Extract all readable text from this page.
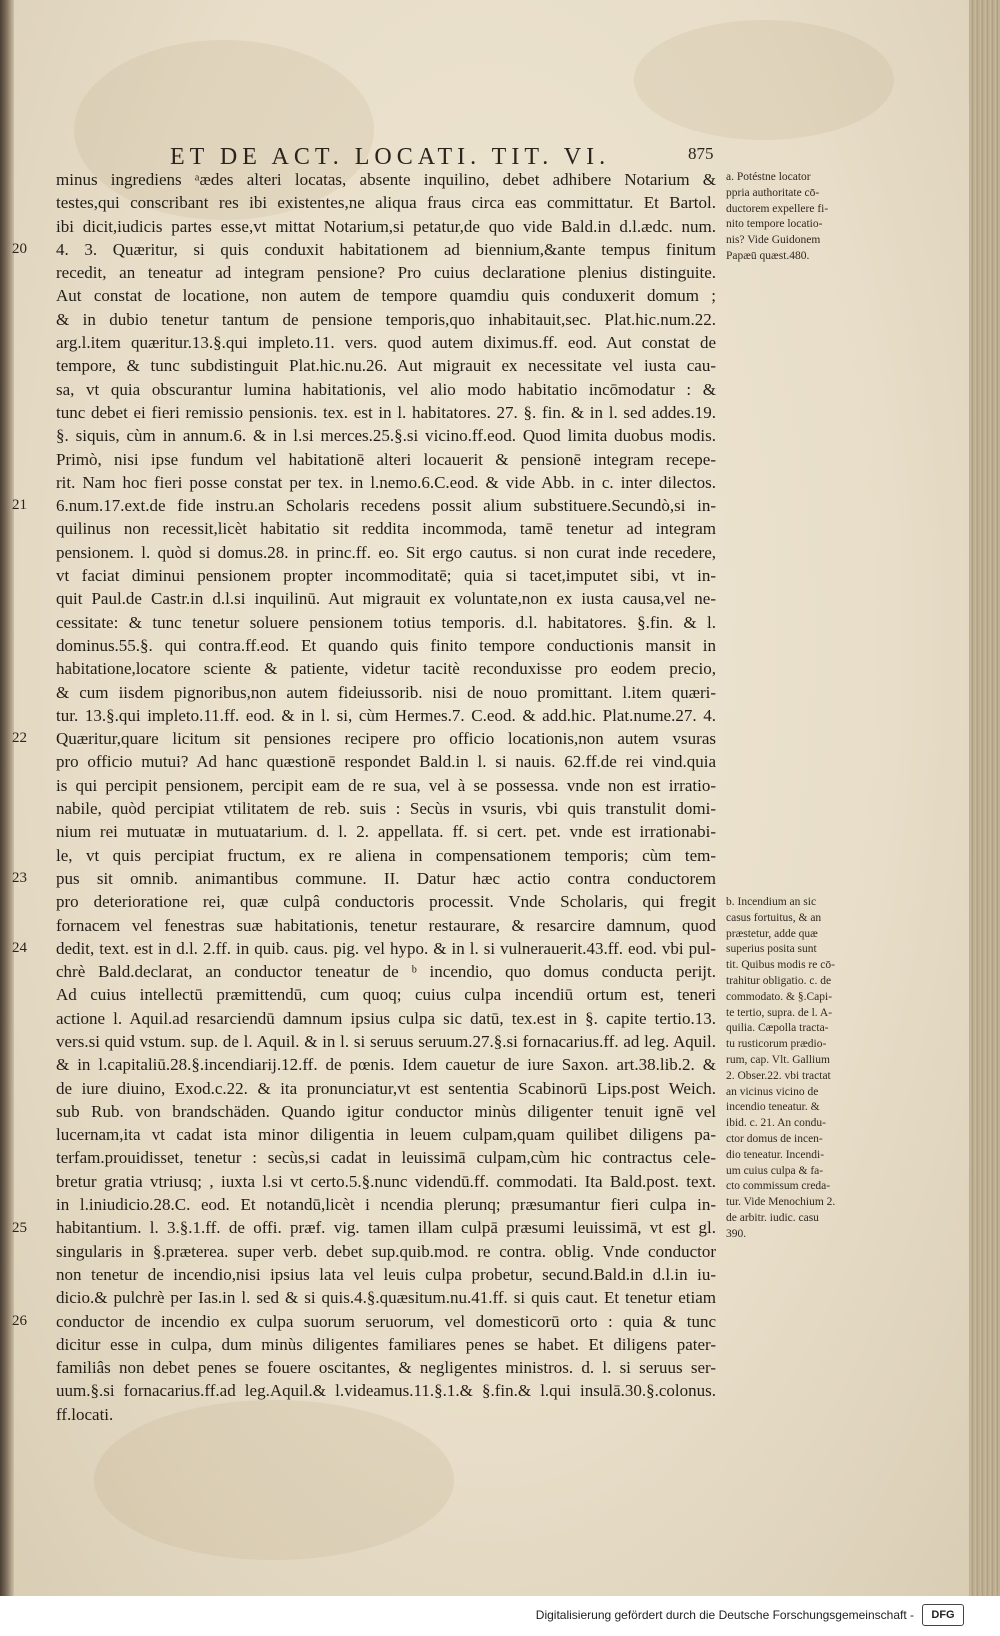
ET DE ACT. LOCATI. TIT. VI.	875
minus ingrediens ᵃædes alteri locatas, absente inquilino, debet adhibere Notarium &
testes,qui conscribant res ibi existentes,ne aliqua fraus circa eas committatur. Et Bartol.
ibi dicit,iudicis partes esse,vt mittat Notarium,si petatur,de quo vide Bald.in d.l.ædc. num.
4. 3. Quæritur, si quis conduxit habitationem ad biennium,&ante tempus finitum
recedit, an teneatur ad integram pensione? Pro cuius declaratione plenius distinguite.
Aut constat de locatione, non autem de tempore quamdiu quis conduxerit domum ;
& in dubio tenetur tantum de pensione temporis,quo inhabitauit,sec. Plat.hic.num.22.
arg.l.item quæritur.13.§.qui impleto.11. vers. quod autem diximus.ff. eod. Aut constat de
tempore, & tunc subdistinguit Plat.hic.nu.26. Aut migrauit ex necessitate vel iusta cau-
sa, vt quia obscurantur lumina habitationis, vel alio modo habitatio incōmodatur : &
tunc debet ei fieri remissio pensionis. tex. est in l. habitatores. 27. §. fin. & in l. sed addes.19.
§. siquis, cùm in annum.6. & in l.si merces.25.§.si vicino.ff.eod. Quod limita duobus modis.
Primò, nisi ipse fundum vel habitationē alteri locauerit & pensionē integram recepe-
rit. Nam hoc fieri posse constat per tex. in l.nemo.6.C.eod. & vide Abb. in c. inter dilectos.
6.num.17.ext.de fide instru.an Scholaris recedens possit alium substituere.Secundò,si in-
quilinus non recessit,licèt habitatio sit reddita incommoda, tamē tenetur ad integram
pensionem. l. quòd si domus.28. in princ.ff. eo. Sit ergo cautus. si non curat inde recedere,
vt faciat diminui pensionem propter incommoditatē; quia si tacet,imputet sibi, vt in-
quit Paul.de Castr.in d.l.si inquilinū. Aut migrauit ex voluntate,non ex iusta causa,vel ne-
cessitate: & tunc tenetur soluere pensionem totius temporis. d.l. habitatores. §.fin. & l.
dominus.55.§. qui contra.ff.eod. Et quando quis finito tempore conductionis mansit in
habitatione,locatore sciente & patiente, videtur tacitè reconduxisse pro eodem precio,
& cum iisdem pignoribus,non autem fideiussorib. nisi de nouo promittant. l.item quæri-
tur. 13.§.qui impleto.11.ff. eod. & in l. si, cùm Hermes.7. C.eod. & add.hic. Plat.nume.27. 4.
Quæritur,quare licitum sit pensiones recipere pro officio locationis,non autem vsuras
pro officio mutui? Ad hanc quæstionē respondet Bald.in l. si nauis. 62.ff.de rei vind.quia
is qui percipit pensionem, percipit eam de re sua, vel à se possessa. vnde non est irratio-
nabile, quòd percipiat vtilitatem de reb. suis : Secùs in vsuris, vbi quis transtulit domi-
nium rei mutuatæ in mutuatarium. d. l. 2. appellata. ff. si cert. pet. vnde est irrationabi-
le, vt quis percipiat fructum, ex re aliena in compensationem temporis; cùm tem-
pus sit omnib. animantibus commune. II. Datur hæc actio contra conductorem
pro deterioratione rei, quæ culpâ conductoris processit. Vnde Scholaris, qui fregit
fornacem vel fenestras suæ habitationis, tenetur restaurare, & resarcire damnum, quod
dedit, text. est in d.l. 2.ff. in quib. caus. pig. vel hypo. & in l. si vulnerauerit.43.ff. eod. vbi pul-
chrè Bald.declarat, an conductor teneatur de ᵇ incendio, quo domus conducta perijt.
Ad cuius intellectū præmittendū, cum quoq; cuius culpa incendiū ortum est, teneri
actione l. Aquil.ad resarciendū damnum ipsius culpa sic datū, tex.est in §. capite tertio.13.
vers.si quid vstum. sup. de l. Aquil. & in l. si seruus seruum.27.§.si fornacarius.ff. ad leg. Aquil.
& in l.capitaliū.28.§.incendiarij.12.ff. de pœnis. Idem cauetur de iure Saxon. art.38.lib.2. &
de iure diuino, Exod.c.22. & ita pronunciatur,vt est sententia Scabinorū Lips.post Weich.
sub Rub. von brandschäden. Quando igitur conductor minùs diligenter tenuit ignē vel
lucernam,ita vt cadat ista minor diligentia in leuem culpam,quam quilibet diligens pa-
terfam.prouidisset, tenetur : secùs,si cadat in leuissimā culpam,cùm hic contractus cele-
bretur gratia vtriusq; , iuxta l.si vt certo.5.§.nunc videndū.ff. commodati. Ita Bald.post. text.
in l.iniudicio.28.C. eod. Et notandū,licèt i ncendia plerunq; præsumantur fieri culpa in-
habitantium. l. 3.§.1.ff. de offi. præf. vig. tamen illam culpā præsumi leuissimā, vt est gl.
singularis in §.præterea. super verb. debet sup.quib.mod. re contra. oblig. Vnde conductor
non tenetur de incendio,nisi ipsius lata vel leuis culpa probetur, secund.Bald.in d.l.in iu-
dicio.& pulchrè per Ias.in l. sed & si quis.4.§.quæsitum.nu.41.ff. si quis caut. Et tenetur etiam
conductor de incendio ex culpa suorum seruorum, vel domesticorū orto : quia & tunc
dicitur esse in culpa, dum minùs diligentes familiares penes se habet. Et diligens pater-
familiâs non debet penes se fouere oscitantes, & negligentes ministros. d. l. si seruus ser-
uum.§.si fornacarius.ff.ad leg.Aquil.& l.videamus.11.§.1.& §.fin.& l.qui insulā.30.§.colonus.
ff.locati.
20
21
22
23
24
25
26
a. Potéstne locator
ppria authoritate cō-
ductorem expellere fi-
nito tempore locatio-
nis? Vide Guidonem
Papæū quæst.480.
b. Incendium an sic
casus fortuitus, & an
præstetur, adde quæ
superius posita sunt
tit. Quibus modis re cō-
trahitur obligatio. c. de
commodato. & §.Capi-
te tertio, supra. de l. A-
quilia. Cæpolla tracta-
tu rusticorum prædio-
rum, cap. Vlt. Gallium
2. Obser.22. vbi tractat
an vicinus vicino de
incendio teneatur. &
ibid. c. 21. An condu-
ctor domus de incen-
dio teneatur. Incendi-
um cuius culpa & fa-
cto commissum creda-
tur. Vide Menochium 2.
de arbitr. iudic. casu
390.
Digitalisierung gefördert durch die Deutsche Forschungsgemeinschaft -	DFG
